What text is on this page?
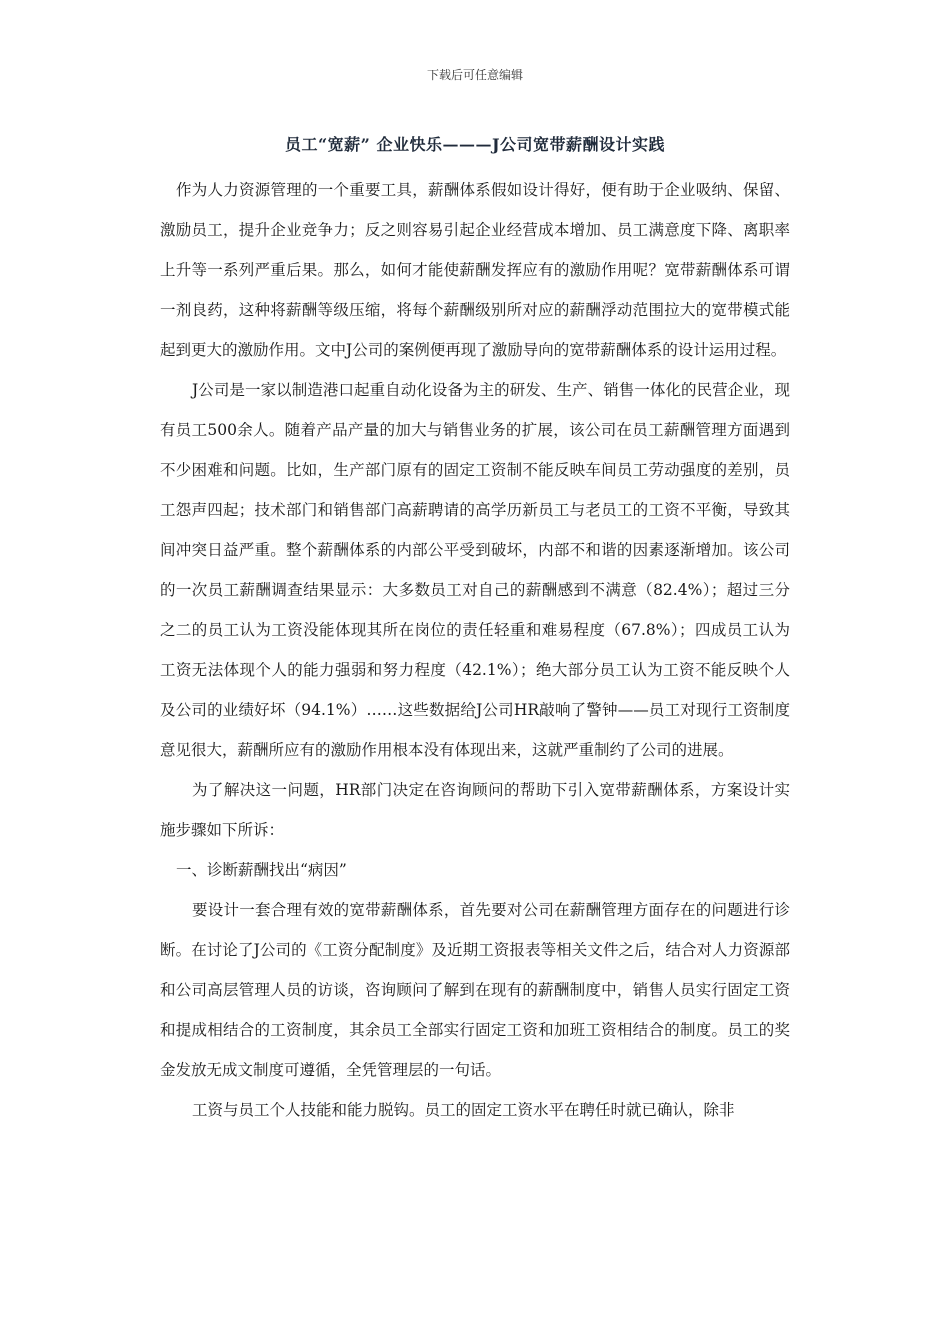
下载后可任意编辑
员工“宽薪” 企业快乐———J公司宽带薪酬设计实践

作为人力资源管理的一个重要工具，薪酬体系假如设计得好，便有助于企业吸纳、保留、激励员工，提升企业竞争力；反之则容易引起企业经营成本增加、员工满意度下降、离职率上升等一系列严重后果。那么，如何才能使薪酬发挥应有的激励作用呢？宽带薪酬体系可谓一剂良药，这种将薪酬等级压缩，将每个薪酬级别所对应的薪酬浮动范围拉大的宽带模式能起到更大的激励作用。文中J公司的案例便再现了激励导向的宽带薪酬体系的设计运用过程。

J公司是一家以制造港口起重自动化设备为主的研发、生产、销售一体化的民营企业，现有员工500余人。随着产品产量的加大与销售业务的扩展，该公司在员工薪酬管理方面遇到不少困难和问题。比如，生产部门原有的固定工资制不能反映车间员工劳动强度的差别，员工怨声四起；技术部门和销售部门高薪聘请的高学历新员工与老员工的工资不平衡，导致其间冲突日益严重。整个薪酬体系的内部公平受到破坏，内部不和谐的因素逐渐增加。该公司的一次员工薪酬调查结果显示：大多数员工对自己的薪酬感到不满意（82.4%）；超过三分之二的员工认为工资没能体现其所在岗位的责任轻重和难易程度（67.8%）；四成员工认为工资无法体现个人的能力强弱和努力程度（42.1%）；绝大部分员工认为工资不能反映个人及公司的业绩好坏（94.1%）……这些数据给J公司HR敲响了警钟——员工对现行工资制度意见很大，薪酬所应有的激励作用根本没有体现出来，这就严重制约了公司的进展。

为了解决这一问题，HR部门决定在咨询顾问的帮助下引入宽带薪酬体系，方案设计实施步骤如下所诉：

一、诊断薪酬找出“病因”

要设计一套合理有效的宽带薪酬体系，首先要对公司在薪酬管理方面存在的问题进行诊断。在讨论了J公司的《工资分配制度》及近期工资报表等相关文件之后，结合对人力资源部和公司高层管理人员的访谈，咨询顾问了解到在现有的薪酬制度中，销售人员实行固定工资和提成相结合的工资制度，其余员工全部实行固定工资和加班工资相结合的制度。员工的奖金发放无成文制度可遵循，全凭管理层的一句话。

工资与员工个人技能和能力脱钩。员工的固定工资水平在聘任时就已确认，除非
